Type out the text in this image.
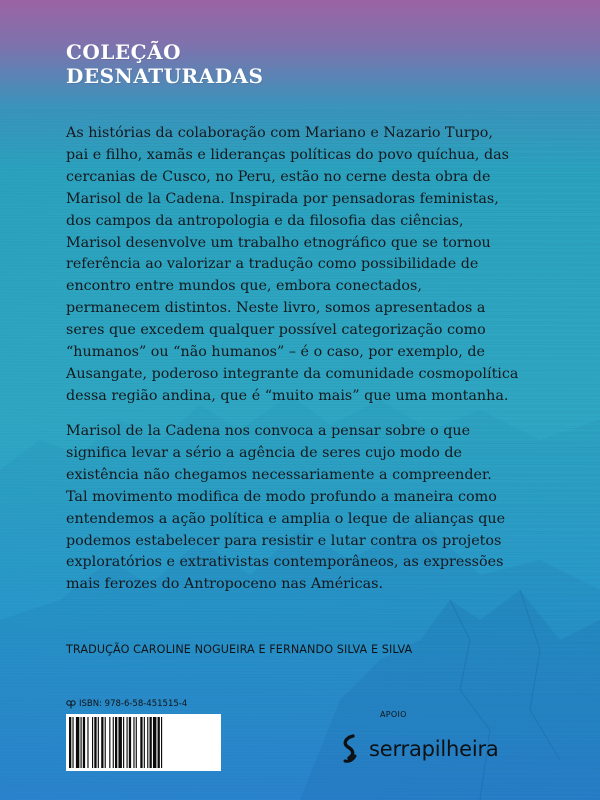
COLEÇÃO
DESNATURADAS

As histórias da colaboração com Mariano e Nazario Turpo,
pai e filho, xamãs e lideranças políticas do povo quíchua, das
cercanias de Cusco, no Peru, estão no cerne desta obra de
Marisol de la Cadena. Inspirada por pensadoras feministas,
dos campos da antropologia e da filosofia das ciências,
Marisol desenvolve um trabalho etnográfico que se tornou
referência ao valorizar a tradução como possibilidade de
encontro entre mundos que, embora conectados,
permanecem distintos. Neste livro, somos apresentados a
seres que excedem qualquer possível categorização como
“humanos” ou “não humanos” – é o caso, por exemplo, de
Ausangate, poderoso integrante da comunidade cosmopolítica
dessa região andina, que é “muito mais” que uma montanha.

Marisol de la Cadena nos convoca a pensar sobre o que
significa levar a sério a agência de seres cujo modo de
existência não chegamos necessariamente a compreender.
Tal movimento modifica de modo profundo a maneira como
entendemos a ação política e amplia o leque de alianças que
podemos estabelecer para resistir e lutar contra os projetos
exploratórios e extrativistas contemporâneos, as expressões
mais ferozes do Antropoceno nas Américas.

TRADUÇÃO CAROLINE NOGUEIRA E FERNANDO SILVA E SILVA

ISBN: 978-6-58-451515-4
APOIO
serrapilheira
